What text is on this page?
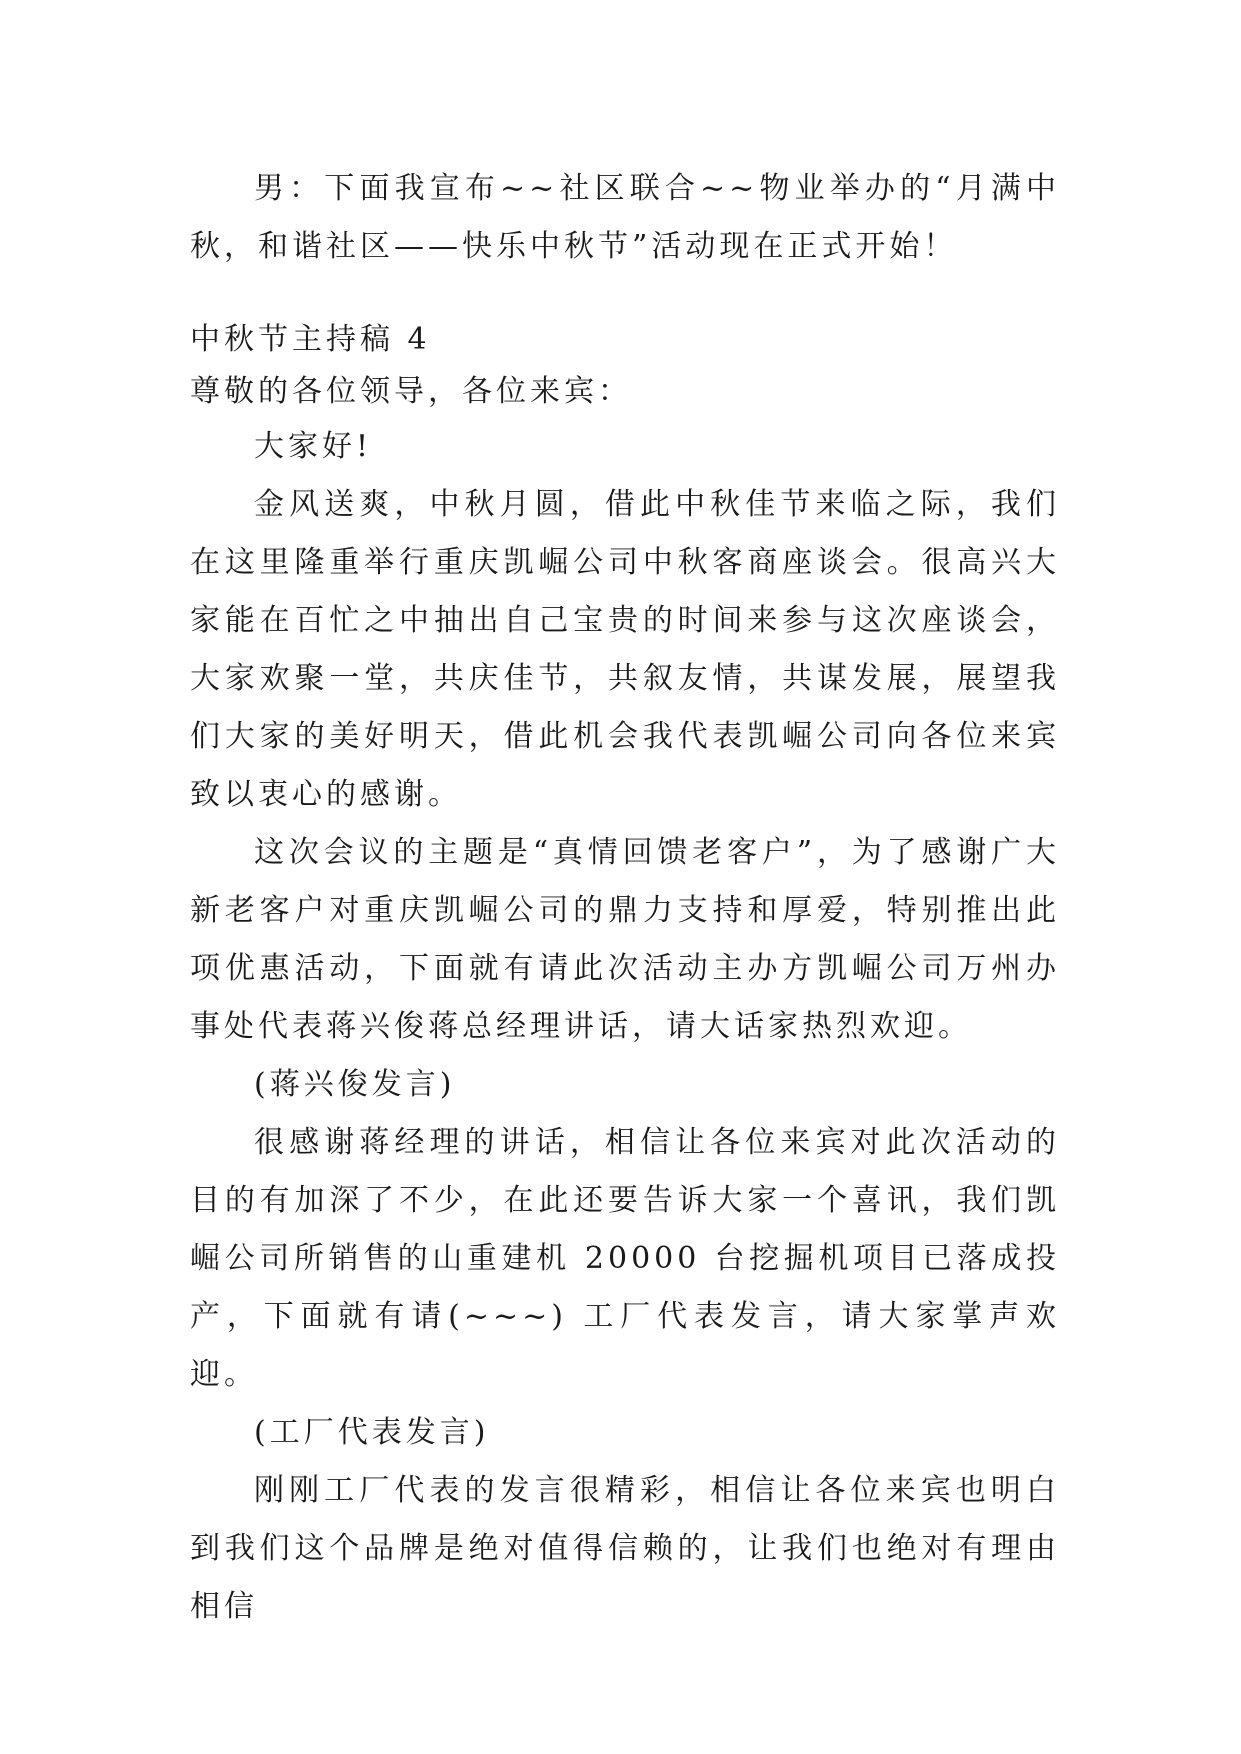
男：下面我宣布~~社区联合~~物业举办的“月满中秋，和谐社区——快乐中秋节”活动现在正式开始！

中秋节主持稿 4

尊敬的各位领导，各位来宾：

大家好!

金风送爽，中秋月圆，借此中秋佳节来临之际，我们在这里隆重举行重庆凯崛公司中秋客商座谈会。很高兴大家能在百忙之中抽出自己宝贵的时间来参与这次座谈会，大家欢聚一堂，共庆佳节，共叙友情，共谋发展，展望我们大家的美好明天，借此机会我代表凯崛公司向各位来宾致以衷心的感谢。

这次会议的主题是“真情回馈老客户”，为了感谢广大新老客户对重庆凯崛公司的鼎力支持和厚爱，特别推出此项优惠活动，下面就有请此次活动主办方凯崛公司万州办事处代表蒋兴俊蒋总经理讲话，请大话家热烈欢迎。

(蒋兴俊发言)

很感谢蒋经理的讲话，相信让各位来宾对此次活动的目的有加深了不少，在此还要告诉大家一个喜讯，我们凯崛公司所销售的山重建机 20000 台挖掘机项目已落成投产，下面就有请(~~~) 工厂代表发言，请大家掌声欢迎。

(工厂代表发言)

刚刚工厂代表的发言很精彩，相信让各位来宾也明白到我们这个品牌是绝对值得信赖的，让我们也绝对有理由相信
